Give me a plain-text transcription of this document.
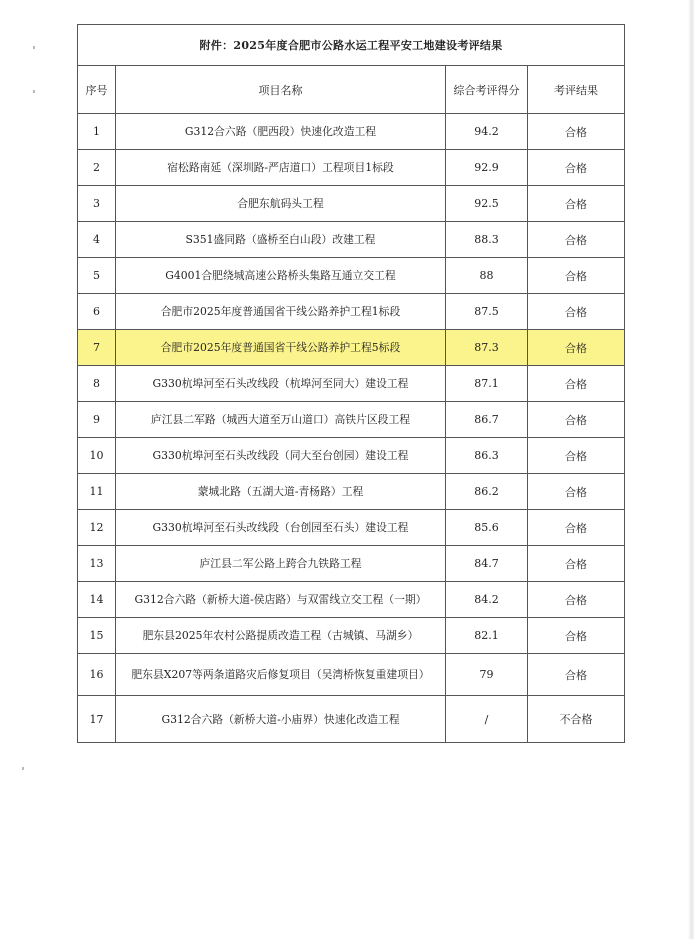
附件：2025年度合肥市公路水运工程平安工地建设考评结果			
序号	项目名称	综合考评得分	考评结果
1	G312合六路（肥西段）快速化改造工程	94.2	合格
2	宿松路南延（深圳路-严店道口）工程项目1标段	92.9	合格
3	合肥东航码头工程	92.5	合格
4	S351盛同路（盛桥至白山段）改建工程	88.3	合格
5	G4001合肥绕城高速公路桥头集路互通立交工程	88	合格
6	合肥市2025年度普通国省干线公路养护工程1标段	87.5	合格
7	合肥市2025年度普通国省干线公路养护工程5标段	87.3	合格
8	G330杭埠河至石头改线段（杭埠河至同大）建设工程	87.1	合格
9	庐江县二军路（城西大道至万山道口）高铁片区段工程	86.7	合格
10	G330杭埠河至石头改线段（同大至台创园）建设工程	86.3	合格
11	蒙城北路（五湖大道-青杨路）工程	86.2	合格
12	G330杭埠河至石头改线段（台创园至石头）建设工程	85.6	合格
13	庐江县二军公路上跨合九铁路工程	84.7	合格
14	G312合六路（新桥大道-侯店路）与双雷线立交工程（一期）	84.2	合格
15	肥东县2025年农村公路提质改造工程（古城镇、马湖乡）	82.1	合格
16	肥东县X207等两条道路灾后修复项目（吴湾桥恢复重建项目）	79	合格
17	G312合六路（新桥大道-小庙界）快速化改造工程	/	不合格
